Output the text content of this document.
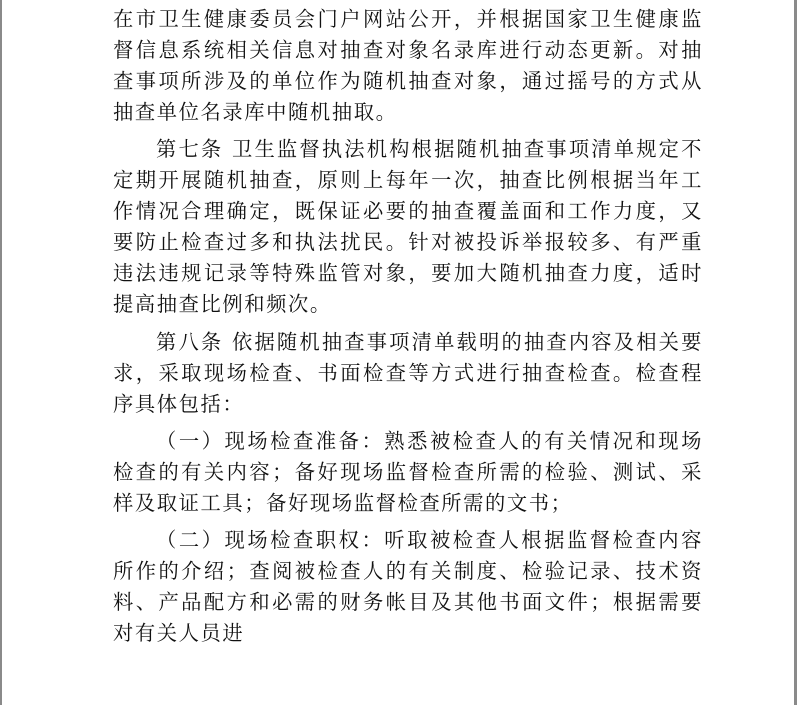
在市卫生健康委员会门户网站公开，并根据国家卫生健康监督信息系统相关信息对抽查对象名录库进行动态更新。对抽查事项所涉及的单位作为随机抽查对象，通过摇号的方式从抽查单位名录库中随机抽取。

第七条 卫生监督执法机构根据随机抽查事项清单规定不定期开展随机抽查，原则上每年一次，抽查比例根据当年工作情况合理确定，既保证必要的抽查覆盖面和工作力度，又要防止检查过多和执法扰民。针对被投诉举报较多、有严重违法违规记录等特殊监管对象，要加大随机抽查力度，适时提高抽查比例和频次。

第八条 依据随机抽查事项清单载明的抽查内容及相关要求，采取现场检查、书面检查等方式进行抽查检查。检查程序具体包括：

（一）现场检查准备：熟悉被检查人的有关情况和现场检查的有关内容；备好现场监督检查所需的检验、测试、采样及取证工具；备好现场监督检查所需的文书；

（二）现场检查职权：听取被检查人根据监督检查内容所作的介绍；查阅被检查人的有关制度、检验记录、技术资料、产品配方和必需的财务帐目及其他书面文件；根据需要对有关人员进
